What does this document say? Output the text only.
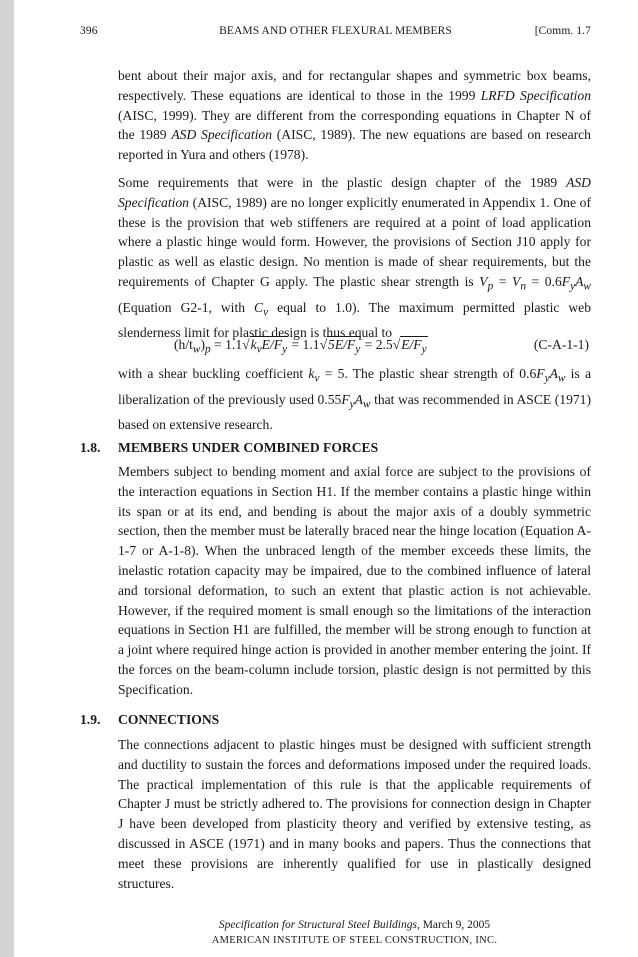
396	BEAMS AND OTHER FLEXURAL MEMBERS	[Comm. 1.7
bent about their major axis, and for rectangular shapes and symmetric box beams, respectively. These equations are identical to those in the 1999 LRFD Specification (AISC, 1999). They are different from the corresponding equations in Chapter N of the 1989 ASD Specification (AISC, 1989). The new equations are based on research reported in Yura and others (1978).
Some requirements that were in the plastic design chapter of the 1989 ASD Specification (AISC, 1989) are no longer explicitly enumerated in Appendix 1. One of these is the provision that web stiffeners are required at a point of load application where a plastic hinge would form. However, the provisions of Section J10 apply for plastic as well as elastic design. No mention is made of shear requirements, but the requirements of Chapter G apply. The plastic shear strength is $V_p = V_n = 0.6F_yA_w$ (Equation G2-1, with $C_v$ equal to 1.0). The maximum permitted plastic web slenderness limit for plastic design is thus equal to
$(h/t_w)_p = 1.1√k_vE/F_y = 1.1√5E/F_y = 2.5√E/F_y$	(C-A-1-1)
with a shear buckling coefficient $k_v = 5$. The plastic shear strength of $0.6F_yA_w$ is a liberalization of the previously used $0.55F_yA_w$ that was recommended in ASCE (1971) based on extensive research.
1.8. MEMBERS UNDER COMBINED FORCES
Members subject to bending moment and axial force are subject to the provisions of the interaction equations in Section H1. If the member contains a plastic hinge within its span or at its end, and bending is about the major axis of a doubly symmetric section, then the member must be laterally braced near the hinge location (Equation A-1-7 or A-1-8). When the unbraced length of the member exceeds these limits, the inelastic rotation capacity may be impaired, due to the combined influence of lateral and torsional deformation, to such an extent that plastic action is not achievable. However, if the required moment is small enough so the limitations of the interaction equations in Section H1 are fulfilled, the member will be strong enough to function at a joint where required hinge action is provided in another member entering the joint. If the forces on the beam-column include torsion, plastic design is not permitted by this Specification.
1.9. CONNECTIONS
The connections adjacent to plastic hinges must be designed with sufficient strength and ductility to sustain the forces and deformations imposed under the required loads. The practical implementation of this rule is that the applicable requirements of Chapter J must be strictly adhered to. The provisions for connection design in Chapter J have been developed from plasticity theory and verified by extensive testing, as discussed in ASCE (1971) and in many books and papers. Thus the connections that meet these provisions are inherently qualified for use in plastically designed structures.
Specification for Structural Steel Buildings, March 9, 2005
AMERICAN INSTITUTE OF STEEL CONSTRUCTION, INC.
